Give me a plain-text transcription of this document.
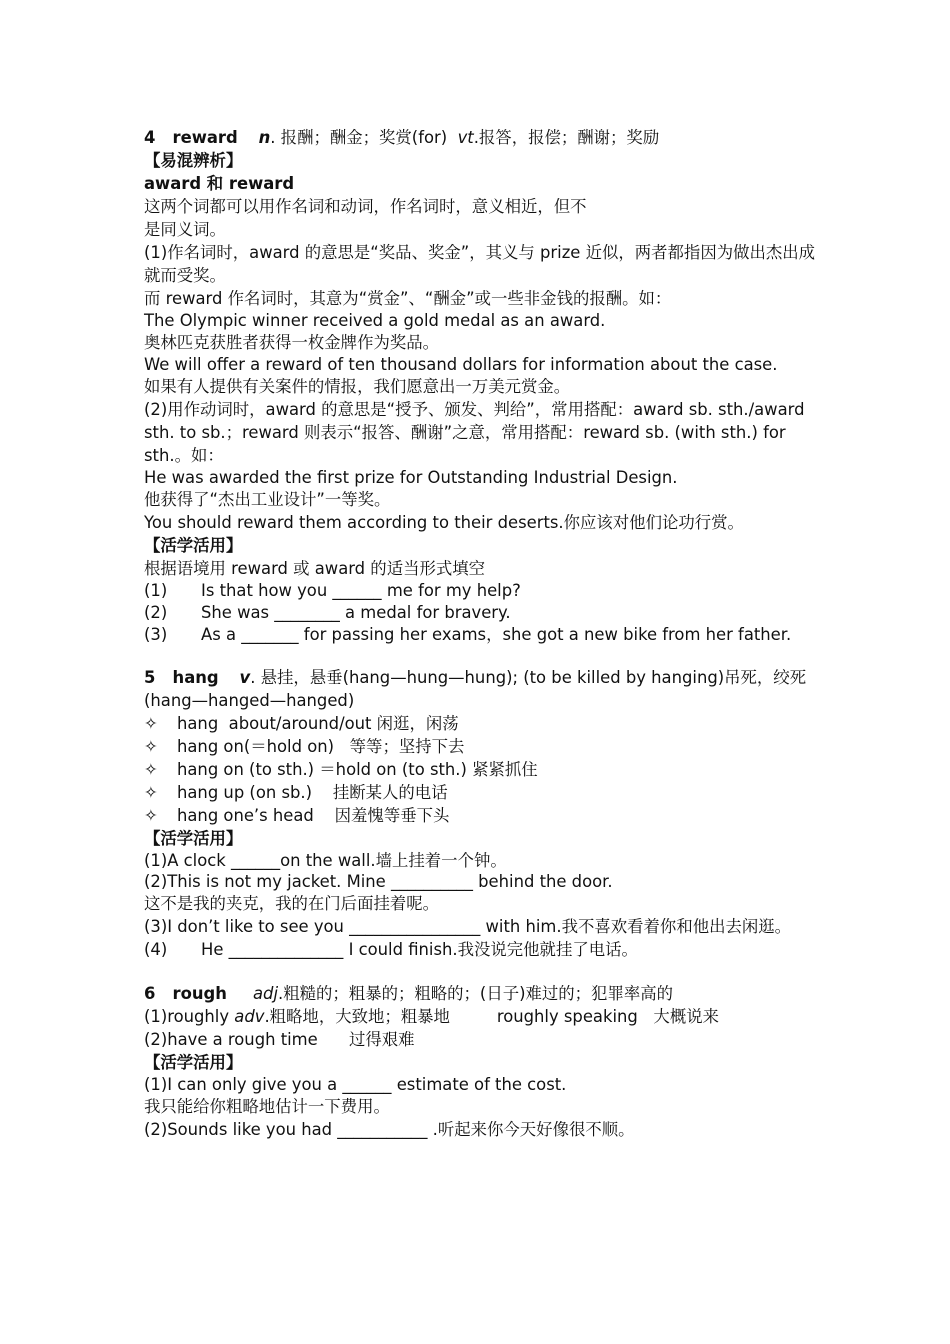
4 reward n. 报酬；酬金；奖赏(for) vt.报答，报偿；酬谢；奖励

【易混辨析】

award 和 reward

这两个词都可以用作名词和动词，作名词时，意义相近，但不

是同义词。

(1)作名词时，award 的意思是“奖品、奖金”，其义与 prize 近似，两者都指因为做出杰出成就而受奖。

而 reward 作名词时，其意为“赏金”、“酬金”或一些非金钱的报酬。如：

The Olympic winner received a gold medal as an award.

奥林匹克获胜者获得一枚金牌作为奖品。

We will offer a reward of ten thousand dollars for information about the case.

如果有人提供有关案件的情报，我们愿意出一万美元赏金。

(2)用作动词时，award 的意思是“授予、颁发、判给”，常用搭配：award sb. sth./award sth. to sb.；reward 则表示“报答、酬谢”之意，常用搭配：reward sb. (with sth.) for sth.。如：

He was awarded the first prize for Outstanding Industrial Design.

他获得了“杰出工业设计”一等奖。

You should reward them according to their deserts.你应该对他们论功行赏。

【活学活用】

根据语境用 reward 或 award 的适当形式填空

(1) Is that how you ______ me for my help?

(2) She was ________ a medal for bravery.

(3) As a _______ for passing her exams，she got a new bike from her father.

5 hang v. 悬挂，悬垂(hang—hung—hung); (to be killed by hanging)吊死，绞死(hang—hanged—hanged)

✧ hang  about/around/out 闲逛，闲荡

✧ hang on(＝hold on)   等等；坚持下去

✧ hang on (to sth.) ＝hold on (to sth.) 紧紧抓住

✧ hang up (on sb.)    挂断某人的电话

✧ hang one’s head    因羞愧等垂下头

【活学活用】

(1)A clock ______on the wall.墙上挂着一个钟。

(2)This is not my jacket. Mine __________ behind the door.

这不是我的夹克，我的在门后面挂着呢。

(3)I don’t like to see you ________________ with him.我不喜欢看着你和他出去闲逛。

(4) He ______________ I could finish.我没说完他就挂了电话。

6 rough adj.粗糙的；粗暴的；粗略的；(日子)难过的；犯罪率高的

(1)roughly adv.粗略地，大致地；粗暴地         roughly speaking   大概说来

(2)have a rough time      过得艰难

【活学活用】

(1)I can only give you a ______ estimate of the cost.

我只能给你粗略地估计一下费用。

(2)Sounds like you had ___________ .听起来你今天好像很不顺。
